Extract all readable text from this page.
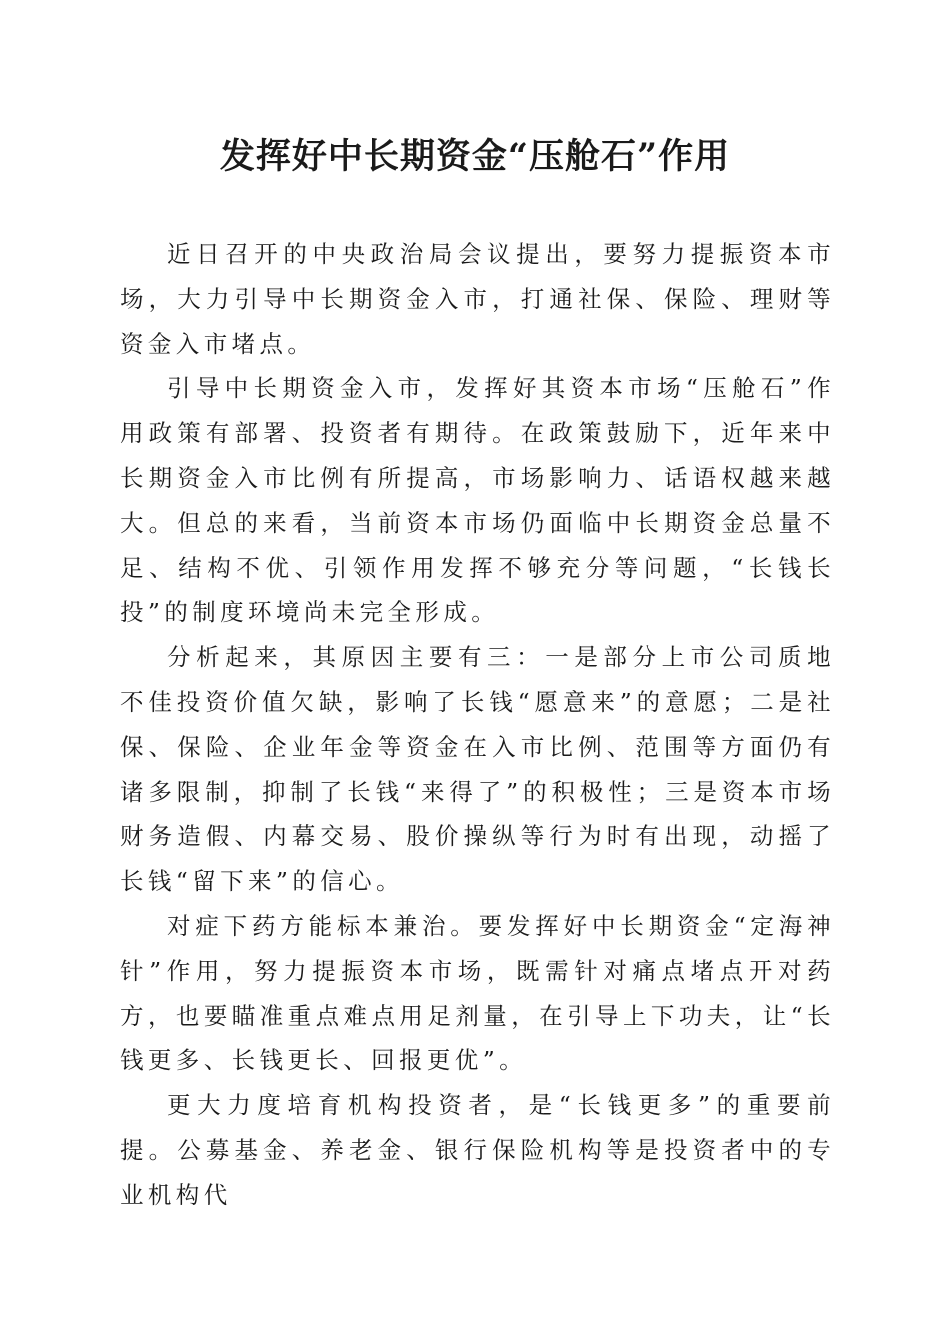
发挥好中长期资金“压舱石”作用

近日召开的中央政治局会议提出，要努力提振资本市场，大力引导中长期资金入市，打通社保、保险、理财等资金入市堵点。

引导中长期资金入市，发挥好其资本市场“压舱石”作用政策有部署、投资者有期待。在政策鼓励下，近年来中长期资金入市比例有所提高，市场影响力、话语权越来越大。但总的来看，当前资本市场仍面临中长期资金总量不足、结构不优、引领作用发挥不够充分等问题，“长钱长投”的制度环境尚未完全形成。

分析起来，其原因主要有三：一是部分上市公司质地不佳投资价值欠缺，影响了长钱“愿意来”的意愿；二是社保、保险、企业年金等资金在入市比例、范围等方面仍有诸多限制，抑制了长钱“来得了”的积极性；三是资本市场财务造假、内幕交易、股价操纵等行为时有出现，动摇了长钱“留下来”的信心。

对症下药方能标本兼治。要发挥好中长期资金“定海神针”作用，努力提振资本市场，既需针对痛点堵点开对药方，也要瞄准重点难点用足剂量，在引导上下功夫，让“长钱更多、长钱更长、回报更优”。

更大力度培育机构投资者，是“长钱更多”的重要前提。公募基金、养老金、银行保险机构等是投资者中的专业机构代
